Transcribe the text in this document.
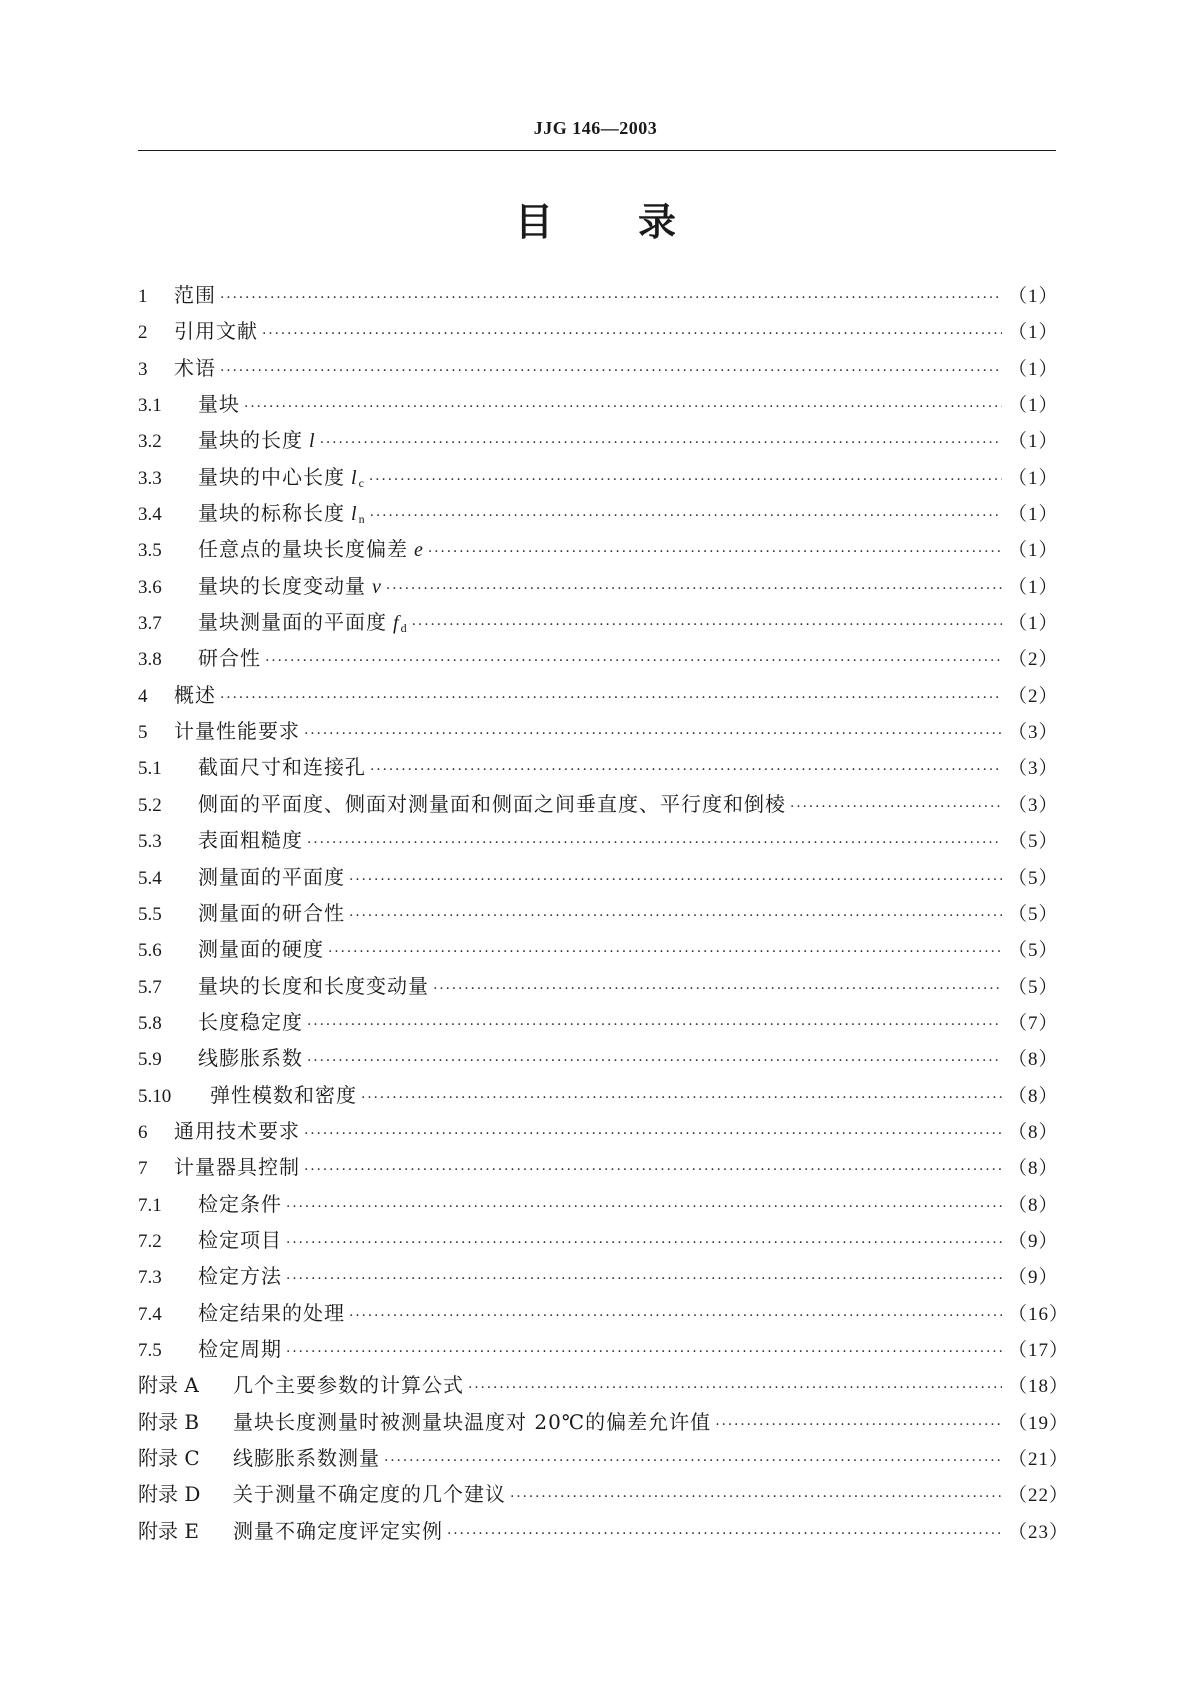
JJG 146—2003
目 录
1	范围 ·····	（1）
2	引用文献 ·····	（1）
3	术语 ·····	（1）
3.1	量块 ·····	（1）
3.2	量块的长度 l ·····	（1）
3.3	量块的中心长度 $l_c$ ·····	（1）
3.4	量块的标称长度 $l_n$ ·····	（1）
3.5	任意点的量块长度偏差 e ·····	（1）
3.6	量块的长度变动量 v ·····	（1）
3.7	量块测量面的平面度 $f_d$ ·····	（1）
3.8	研合性 ·····	（2）
4	概述 ·····	（2）
5	计量性能要求 ·····	（3）
5.1	截面尺寸和连接孔 ·····	（3）
5.2	侧面的平面度、侧面对测量面和侧面之间垂直度、平行度和倒棱 ·····	（3）
5.3	表面粗糙度 ·····	（5）
5.4	测量面的平面度 ·····	（5）
5.5	测量面的研合性 ·····	（5）
5.6	测量面的硬度 ·····	（5）
5.7	量块的长度和长度变动量 ·····	（5）
5.8	长度稳定度 ·····	（7）
5.9	线膨胀系数 ·····	（8）
5.10	弹性模数和密度 ·····	（8）
6	通用技术要求 ·····	（8）
7	计量器具控制 ·····	（8）
7.1	检定条件 ·····	（8）
7.2	检定项目 ·····	（9）
7.3	检定方法 ·····	（9）
7.4	检定结果的处理 ·····	（16）
7.5	检定周期 ·····	（17）
附录 A	几个主要参数的计算公式 ·····	（18）
附录 B	量块长度测量时被测量块温度对 20℃的偏差允许值 ·····	（19）
附录 C	线膨胀系数测量 ·····	（21）
附录 D	关于测量不确定度的几个建议 ·····	（22）
附录 E	测量不确定度评定实例 ·····	（23）
